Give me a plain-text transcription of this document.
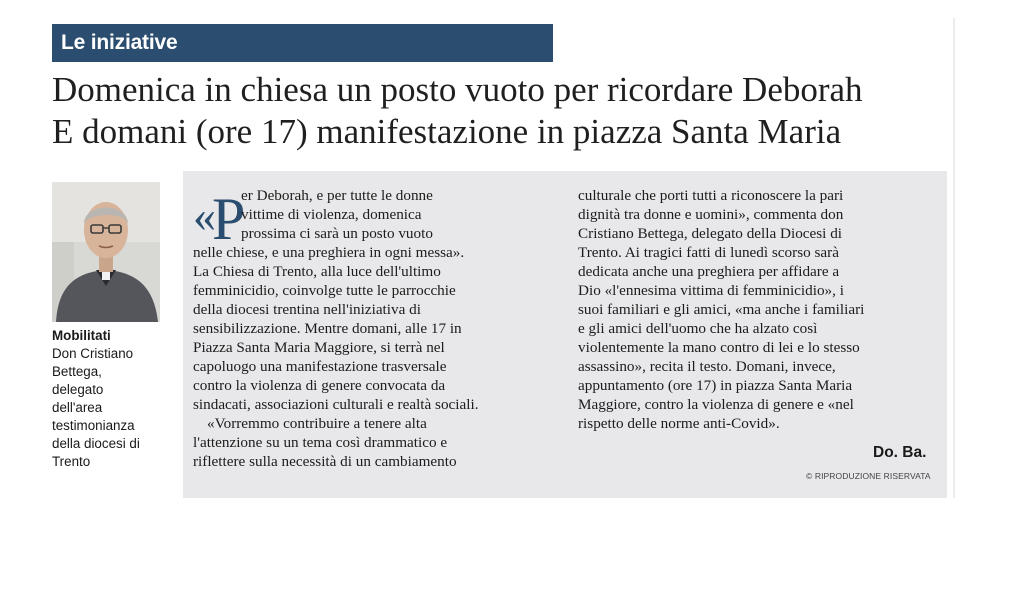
Le iniziative
Domenica in chiesa un posto vuoto per ricordare Deborah
E domani (ore 17) manifestazione in piazza Santa Maria
Mobilitati
Don Cristiano
Bettega,
delegato
dell'area
testimonianza
della diocesi di
Trento
«P
er Deborah, e per tutte le donne
vittime di violenza, domenica
prossima ci sarà un posto vuoto
nelle chiese, e una preghiera in ogni messa».
La Chiesa di Trento, alla luce dell'ultimo
femminicidio, coinvolge tutte le parrocchie
della diocesi trentina nell'iniziativa di
sensibilizzazione. Mentre domani, alle 17 in
Piazza Santa Maria Maggiore, si terrà nel
capoluogo una manifestazione trasversale
contro la violenza di genere convocata da
sindacati, associazioni culturali e realtà sociali.
«Vorremmo contribuire a tenere alta
l'attenzione su un tema così drammatico e
riflettere sulla necessità di un cambiamento
culturale che porti tutti a riconoscere la pari
dignità tra donne e uomini», commenta don
Cristiano Bettega, delegato della Diocesi di
Trento. Ai tragici fatti di lunedì scorso sarà
dedicata anche una preghiera per affidare a
Dio «l'ennesima vittima di femminicidio», i
suoi familiari e gli amici, «ma anche i familiari
e gli amici dell'uomo che ha alzato così
violentemente la mano contro di lei e lo stesso
assassino», recita il testo. Domani, invece,
appuntamento (ore 17) in piazza Santa Maria
Maggiore, contro la violenza di genere e «nel
rispetto delle norme anti-Covid».
Do. Ba.
© RIPRODUZIONE RISERVATA
